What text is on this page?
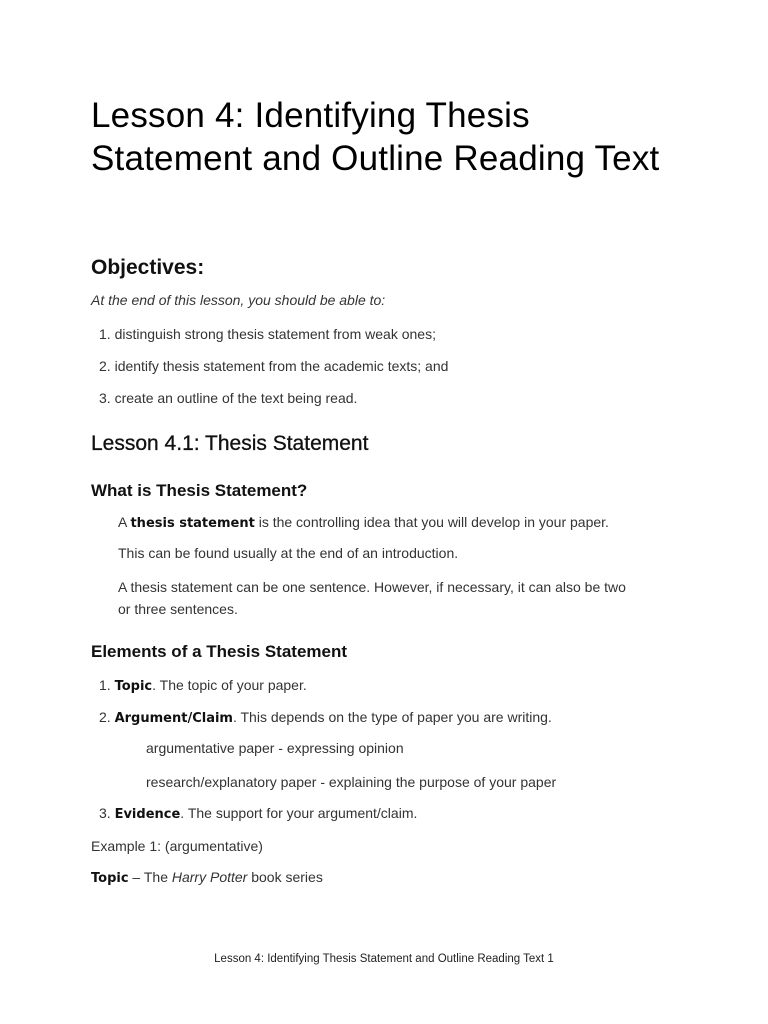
Lesson 4: Identifying Thesis Statement and Outline Reading Text
Objectives:

At the end of this lesson, you should be able to:

1. distinguish strong thesis statement from weak ones;
2. identify thesis statement from the academic texts; and
3. create an outline of the text being read.
Lesson 4.1: Thesis Statement
What is Thesis Statement?

A thesis statement is the controlling idea that you will develop in your paper.

This can be found usually at the end of an introduction.

A thesis statement can be one sentence. However, if necessary, it can also be two

or three sentences.

Elements of a Thesis Statement
1. Topic. The topic of your paper.
2. Argument/Claim. This depends on the type of paper you are writing.

argumentative paper - expressing opinion

research/explanatory paper - explaining the purpose of your paper

3. Evidence. The support for your argument/claim.

Example 1: (argumentative)

Topic – The Harry Potter book series

Lesson 4: Identifying Thesis Statement and Outline Reading Text 1
